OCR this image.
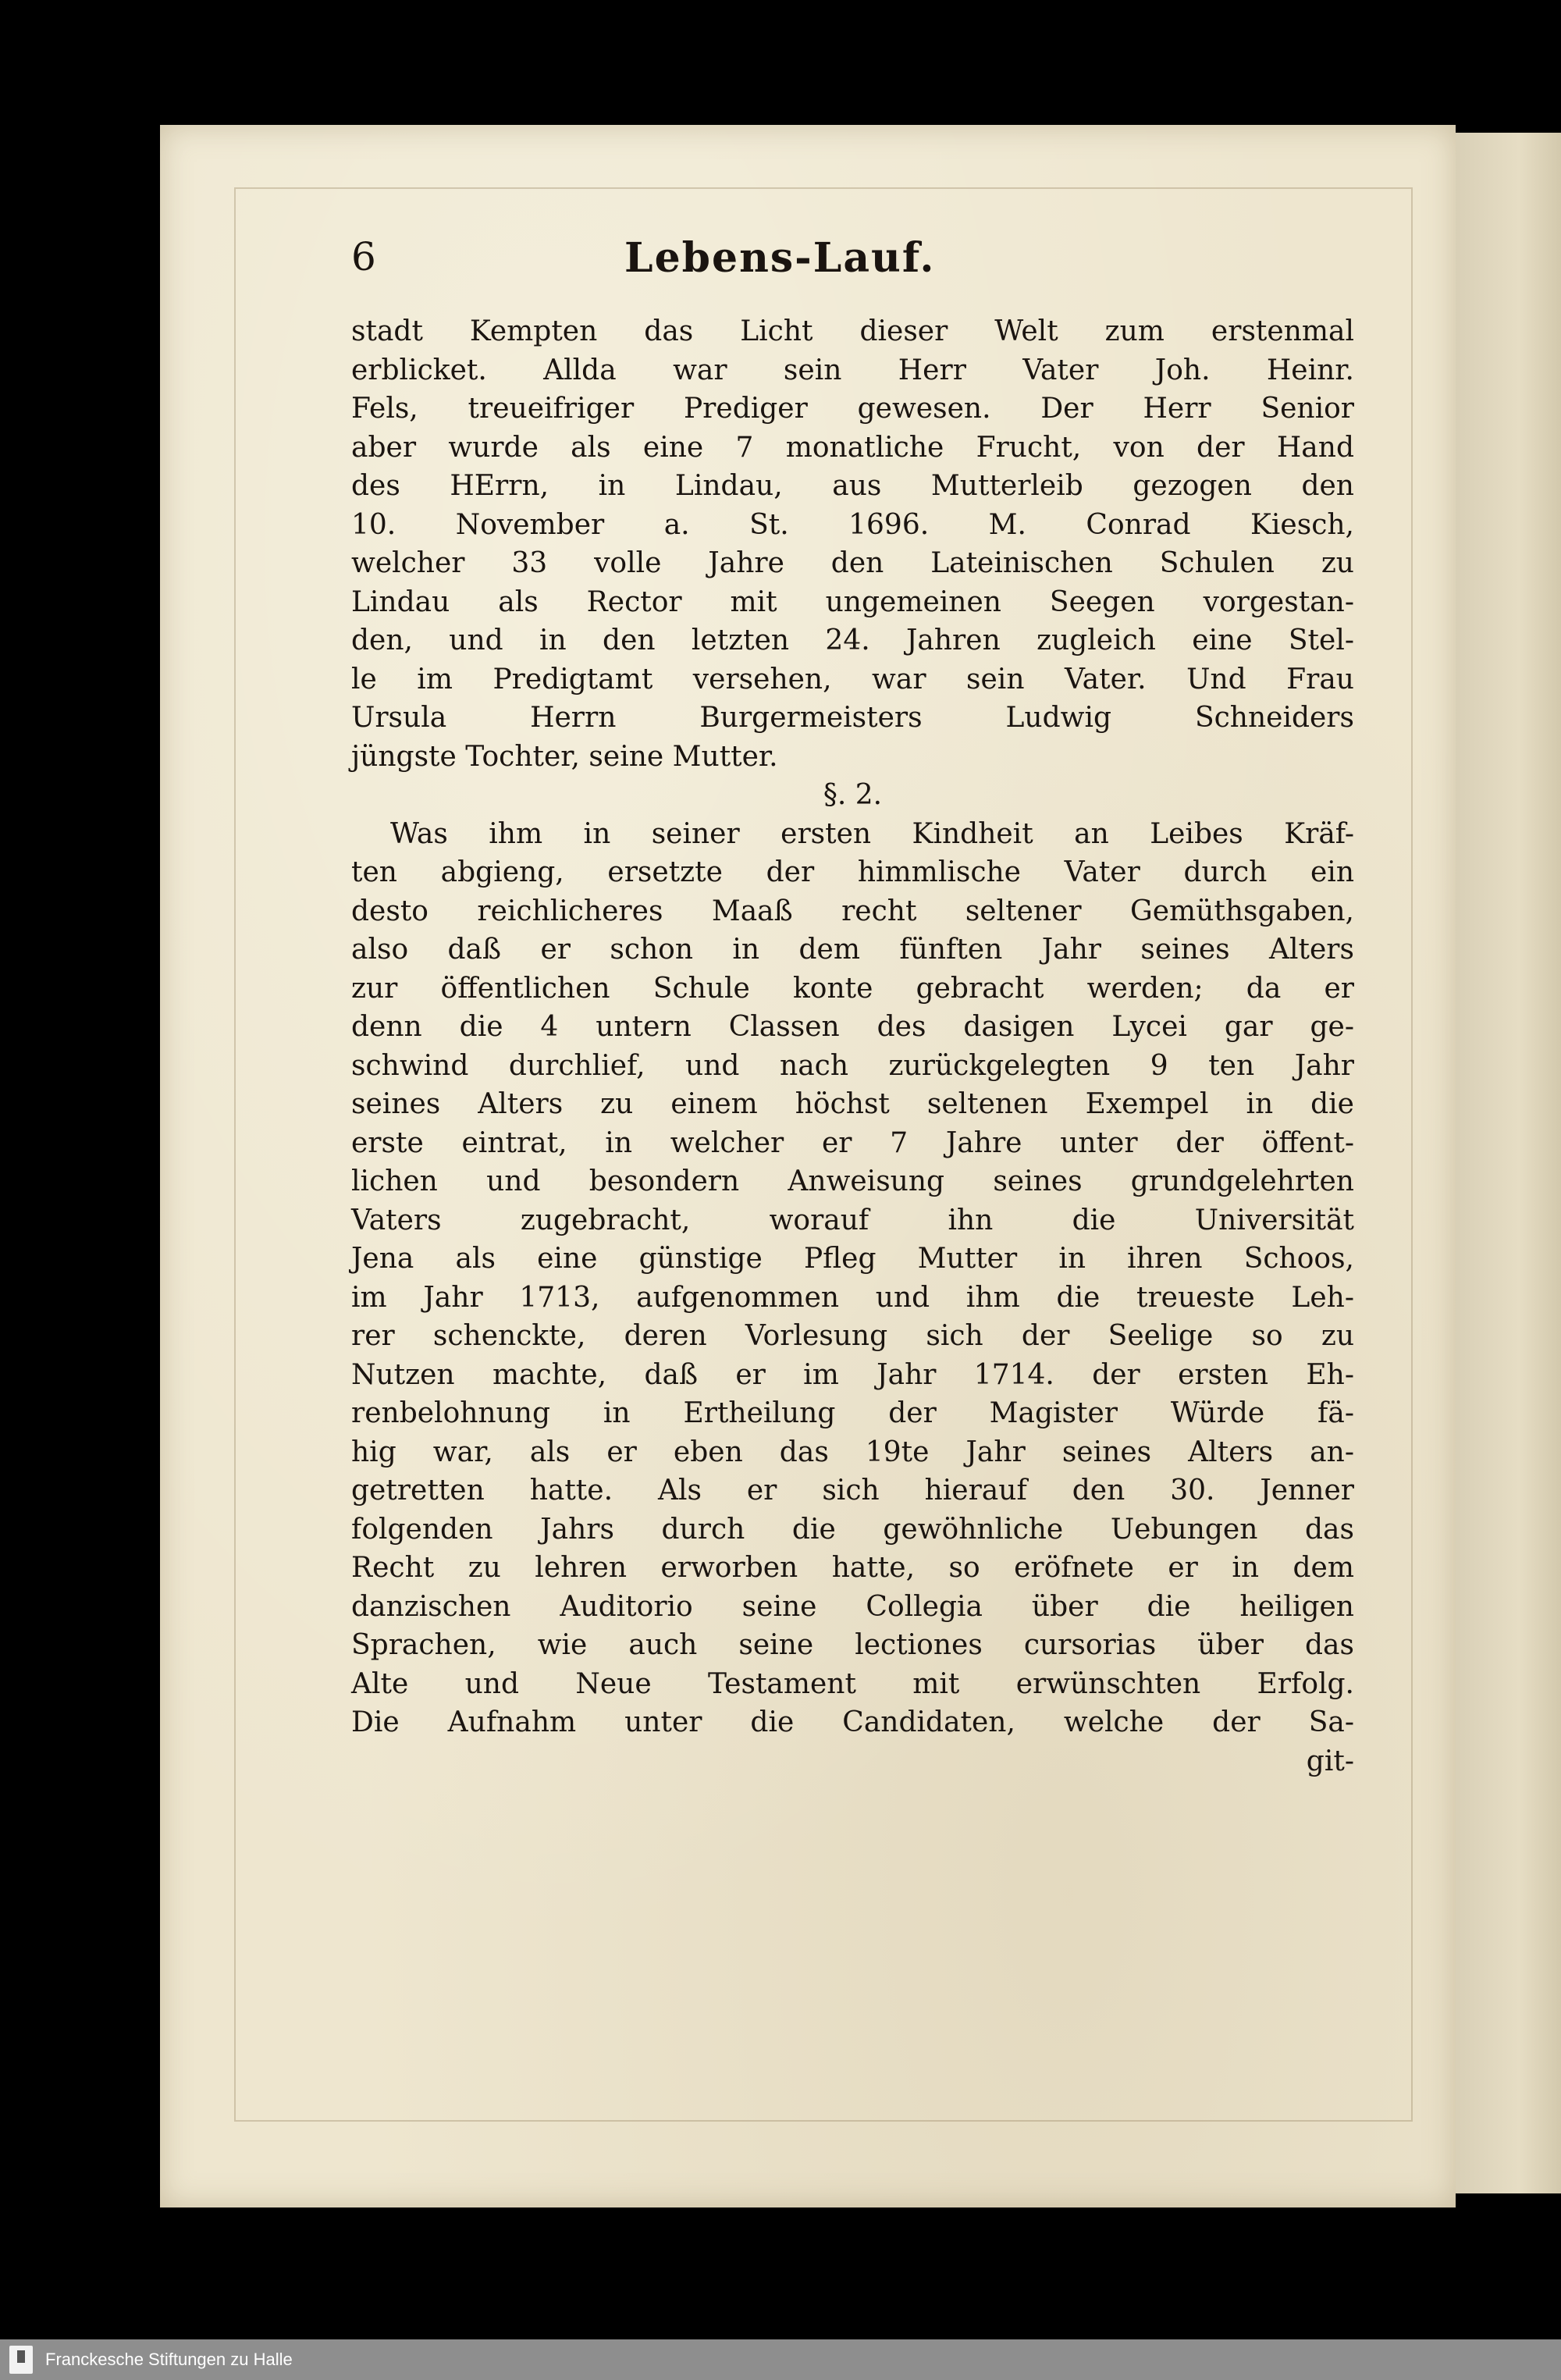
6	Lebens-Lauf.
stadt Kempten das Licht dieser Welt zum erstenmal
erblicket. Allda war sein Herr Vater Joh. Heinr.
Fels, treueifriger Prediger gewesen. Der Herr Senior
aber wurde als eine 7 monatliche Frucht, von der Hand
des HErrn, in Lindau, aus Mutterleib gezogen den
10. November a. St. 1696. M. Conrad Kiesch,
welcher 33 volle Jahre den Lateinischen Schulen zu
Lindau als Rector mit ungemeinen Seegen vorgestan-
den, und in den letzten 24. Jahren zugleich eine Stel-
le im Predigtamt versehen, war sein Vater. Und Frau
Ursula Herrn Burgermeisters Ludwig Schneiders
jüngste Tochter, seine Mutter.
§. 2.
Was ihm in seiner ersten Kindheit an Leibes Kräf-
ten abgieng, ersetzte der himmlische Vater durch ein
desto reichlicheres Maaß recht seltener Gemüthsgaben,
also daß er schon in dem fünften Jahr seines Alters
zur öffentlichen Schule konte gebracht werden; da er
denn die 4 untern Classen des dasigen Lycei gar ge-
schwind durchlief, und nach zurückgelegten 9 ten Jahr
seines Alters zu einem höchst seltenen Exempel in die
erste eintrat, in welcher er 7 Jahre unter der öffent-
lichen und besondern Anweisung seines grundgelehrten
Vaters zugebracht, worauf ihn die Universität
Jena als eine günstige Pfleg Mutter in ihren Schoos,
im Jahr 1713, aufgenommen und ihm die treueste Leh-
rer schenckte, deren Vorlesung sich der Seelige so zu
Nutzen machte, daß er im Jahr 1714. der ersten Eh-
renbelohnung in Ertheilung der Magister Würde fä-
hig war, als er eben das 19te Jahr seines Alters an-
getretten hatte. Als er sich hierauf den 30. Jenner
folgenden Jahrs durch die gewöhnliche Uebungen das
Recht zu lehren erworben hatte, so eröfnete er in dem
danzischen Auditorio seine Collegia über die heiligen
Sprachen, wie auch seine lectiones cursorias über das
Alte und Neue Testament mit erwünschten Erfolg.
Die Aufnahm unter die Candidaten, welche der Sa-
git-
Franckesche Stiftungen zu Halle
